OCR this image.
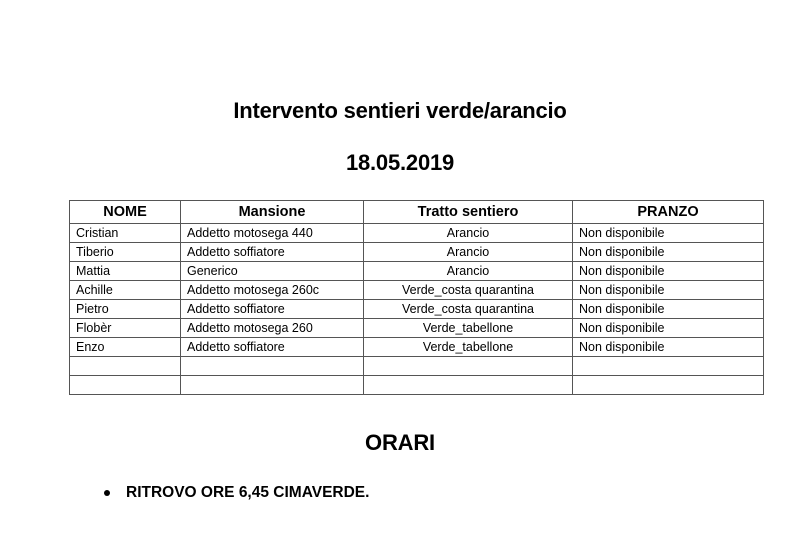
Intervento sentieri verde/arancio
18.05.2019
NOME	Mansione	Tratto sentiero	PRANZO
Cristian	Addetto motosega 440	Arancio	Non disponibile
Tiberio	Addetto soffiatore	Arancio	Non disponibile
Mattia	Generico	Arancio	Non disponibile
Achille	Addetto motosega 260c	Verde_costa quarantina	Non disponibile
Pietro	Addetto soffiatore	Verde_costa quarantina	Non disponibile
Flobèr	Addetto motosega 260	Verde_tabellone	Non disponibile
Enzo	Addetto soffiatore	Verde_tabellone	Non disponibile

ORARI
RITROVO ORE 6,45 CIMAVERDE.
